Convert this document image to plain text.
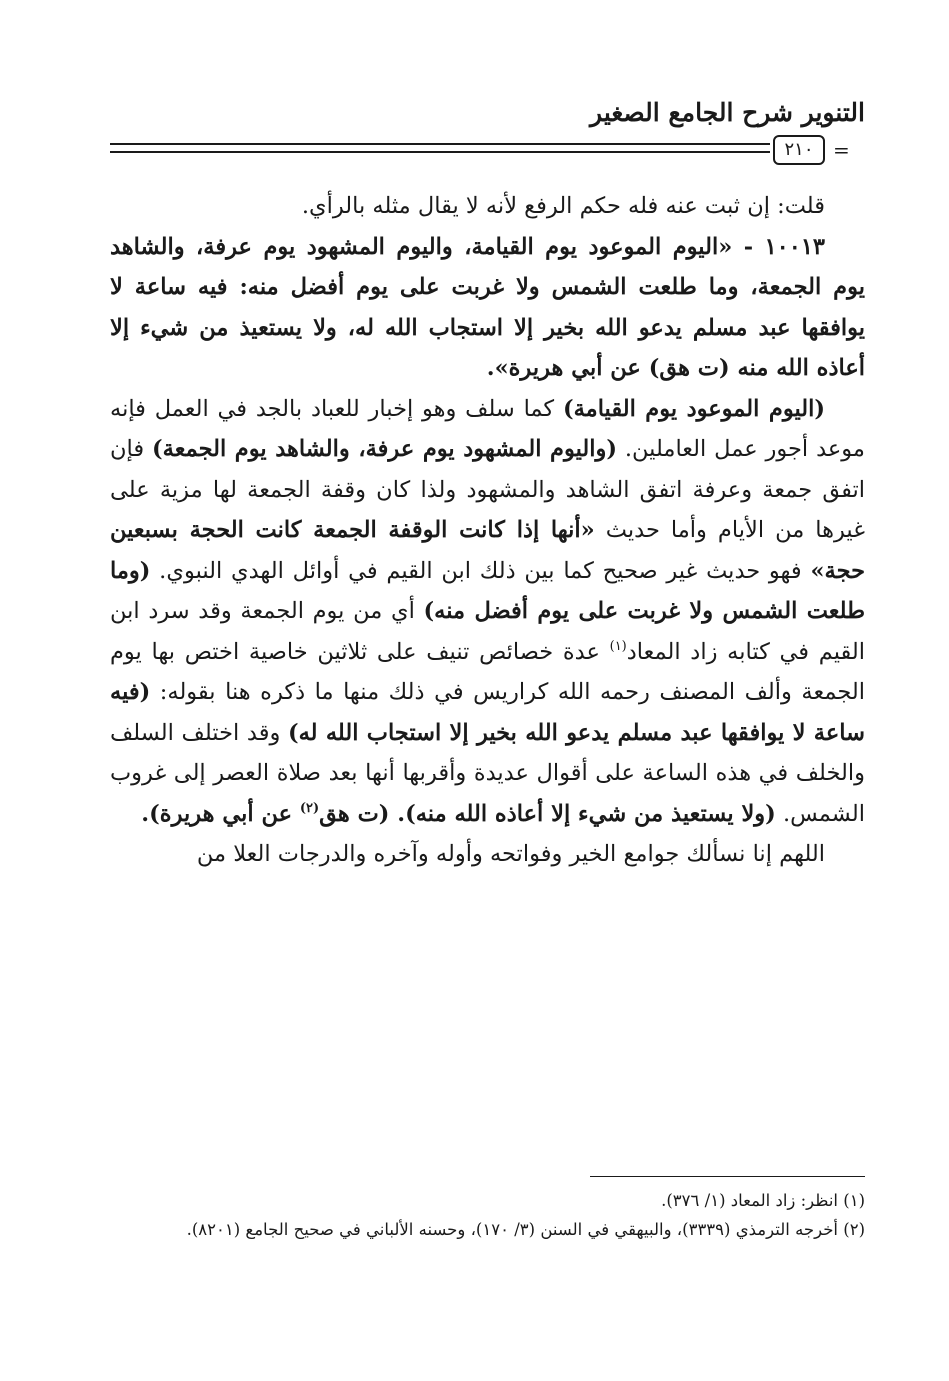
التنوير شرح الجامع الصغير
٢١٠ =

قلت: إن ثبت عنه فله حكم الرفع لأنه لا يقال مثله بالرأي.

١٠٠١٣ - «اليوم الموعود يوم القيامة، واليوم المشهود يوم عرفة، والشاهد يوم الجمعة، وما طلعت الشمس ولا غربت على يوم أفضل منه: فيه ساعة لا يوافقها عبد مسلم يدعو الله بخير إلا استجاب الله له، ولا يستعيذ من شيء إلا أعاذه الله منه (ت هق) عن أبي هريرة».

(اليوم الموعود يوم القيامة) كما سلف وهو إخبار للعباد بالجد في العمل فإنه موعد أجور عمل العاملين. (واليوم المشهود يوم عرفة، والشاهد يوم الجمعة) فإن اتفق جمعة وعرفة اتفق الشاهد والمشهود ولذا كان وقفة الجمعة لها مزية على غيرها من الأيام وأما حديث «أنها إذا كانت الوقفة الجمعة كانت الحجة بسبعين حجة» فهو حديث غير صحيح كما بين ذلك ابن القيم في أوائل الهدي النبوي. (وما طلعت الشمس ولا غربت على يوم أفضل منه) أي من يوم الجمعة وقد سرد ابن القيم في كتابه زاد المعاد$^{(١)}$ عدة خصائص تنيف على ثلاثين خاصية اختص بها يوم الجمعة وألف المصنف رحمه الله كراريس في ذلك منها ما ذكره هنا بقوله: (فيه ساعة لا يوافقها عبد مسلم يدعو الله بخير إلا استجاب الله له) وقد اختلف السلف والخلف في هذه الساعة على أقوال عديدة وأقربها أنها بعد صلاة العصر إلى غروب الشمس. (ولا يستعيذ من شيء إلا أعاذه الله منه). (ت هق$^{(٢)}$ عن أبي هريرة).

اللهم إنا نسألك جوامع الخير وفواتحه وأوله وآخره والدرجات العلا من

(١) انظر: زاد المعاد (١/ ٣٧٦).

(٢) أخرجه الترمذي (٣٣٣٩)، والبيهقي في السنن (٣/ ١٧٠)، وحسنه الألباني في صحيح الجامع (٨٢٠١).
